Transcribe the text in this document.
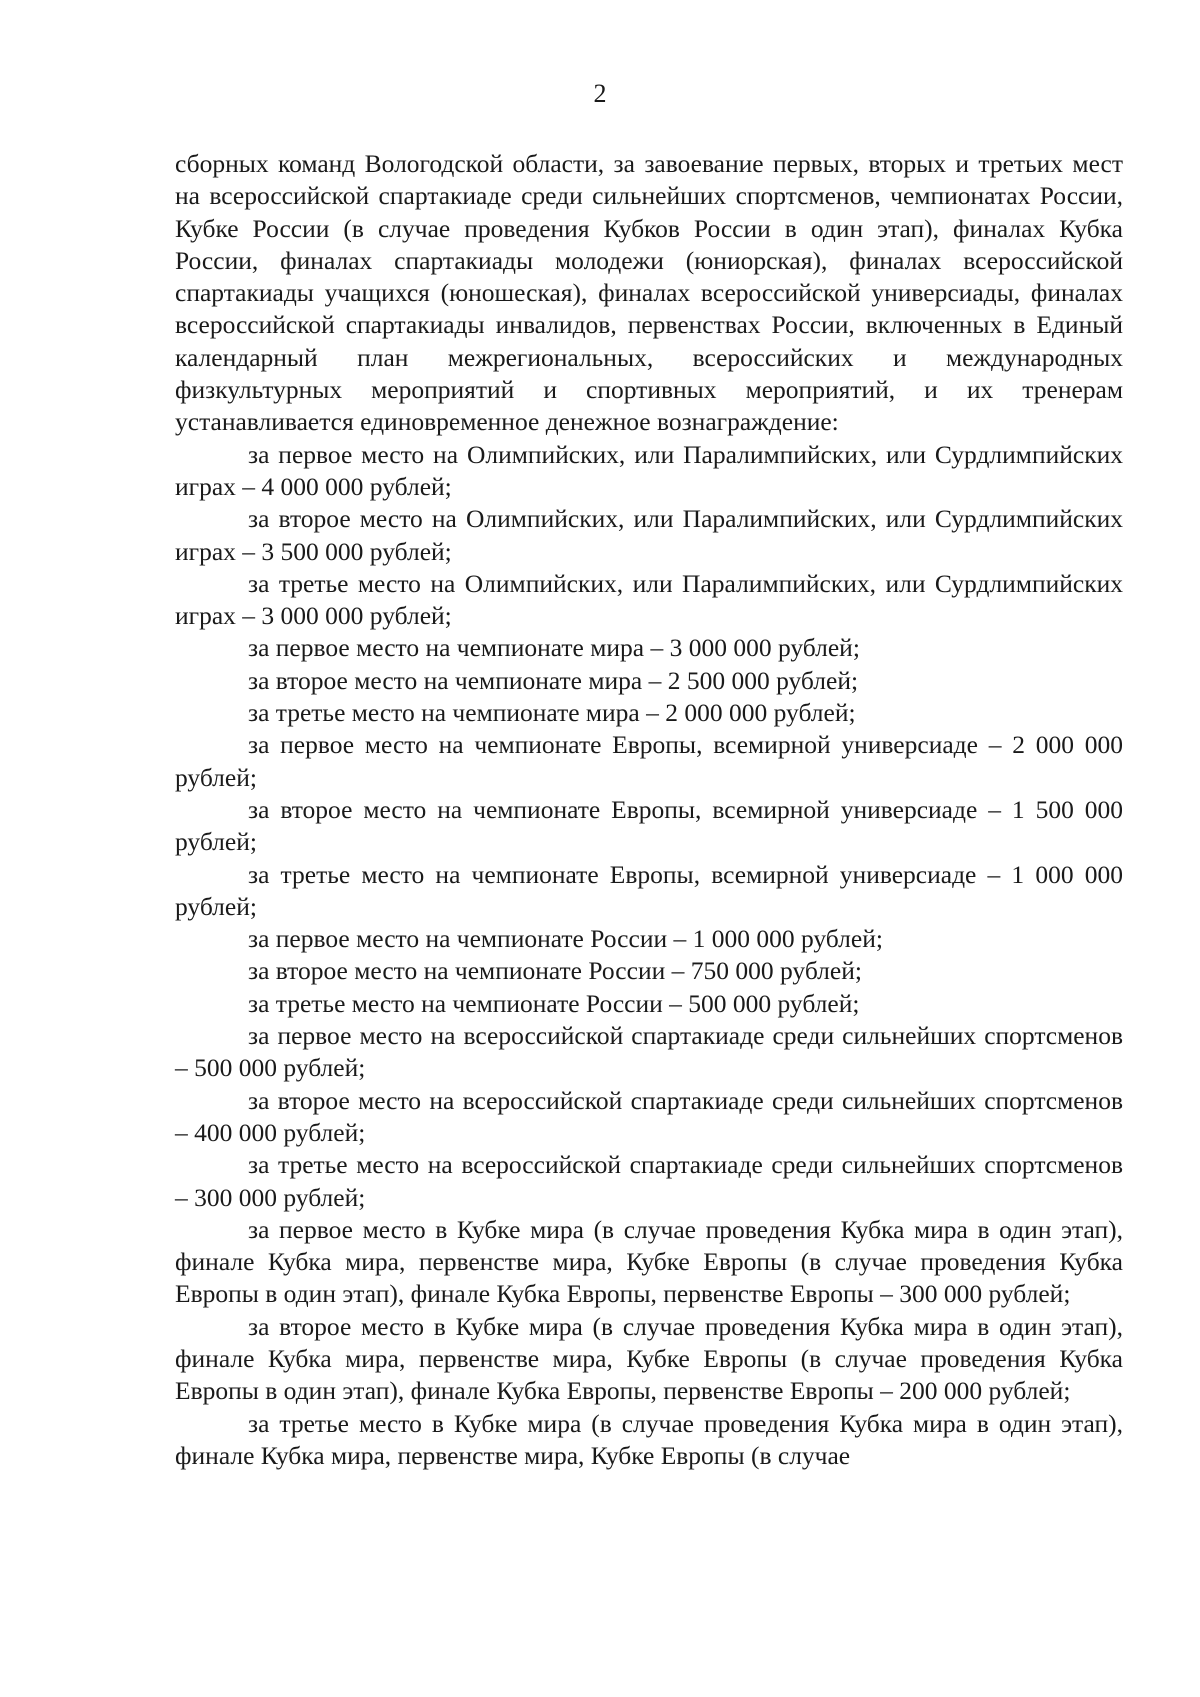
2

сборных команд Вологодской области, за завоевание первых, вторых и третьих мест на всероссийской спартакиаде среди сильнейших спортсменов, чемпионатах России, Кубке России (в случае проведения Кубков России в один этап), финалах Кубка России, финалах спартакиады молодежи (юниорская), финалах всероссийской спартакиады учащихся (юношеская), финалах всероссийской универсиады, финалах всероссийской спартакиады инвалидов, первенствах России, включенных в Единый календарный план межрегиональных, всероссийских и международных физкультурных мероприятий и спортивных мероприятий, и их тренерам устанавливается единовременное денежное вознаграждение:

за первое место на Олимпийских, или Паралимпийских, или Сурдлимпийских играх – 4 000 000 рублей;

за второе место на Олимпийских, или Паралимпийских, или Сурдлимпийских играх – 3 500 000 рублей;

за третье место на Олимпийских, или Паралимпийских, или Сурдлимпийских играх – 3 000 000 рублей;

за первое место на чемпионате мира – 3 000 000 рублей;

за второе место на чемпионате мира – 2 500 000 рублей;

за третье место на чемпионате мира – 2 000 000 рублей;

за первое место на чемпионате Европы, всемирной универсиаде – 2 000 000 рублей;

за второе место на чемпионате Европы, всемирной универсиаде – 1 500 000 рублей;

за третье место на чемпионате Европы, всемирной универсиаде – 1 000 000 рублей;

за первое место на чемпионате России – 1 000 000 рублей;

за второе место на чемпионате России – 750 000 рублей;

за третье место на чемпионате России – 500 000 рублей;

за первое место на всероссийской спартакиаде среди сильнейших спортсменов – 500 000 рублей;

за второе место на всероссийской спартакиаде среди сильнейших спортсменов – 400 000 рублей;

за третье место на всероссийской спартакиаде среди сильнейших спортсменов – 300 000 рублей;

за первое место в Кубке мира (в случае проведения Кубка мира в один этап), финале Кубка мира, первенстве мира, Кубке Европы (в случае проведения Кубка Европы в один этап), финале Кубка Европы, первенстве Европы – 300 000 рублей;

за второе место в Кубке мира (в случае проведения Кубка мира в один этап), финале Кубка мира, первенстве мира, Кубке Европы (в случае проведения Кубка Европы в один этап), финале Кубка Европы, первенстве Европы – 200 000 рублей;

за третье место в Кубке мира (в случае проведения Кубка мира в один этап), финале Кубка мира, первенстве мира, Кубке Европы (в случае
